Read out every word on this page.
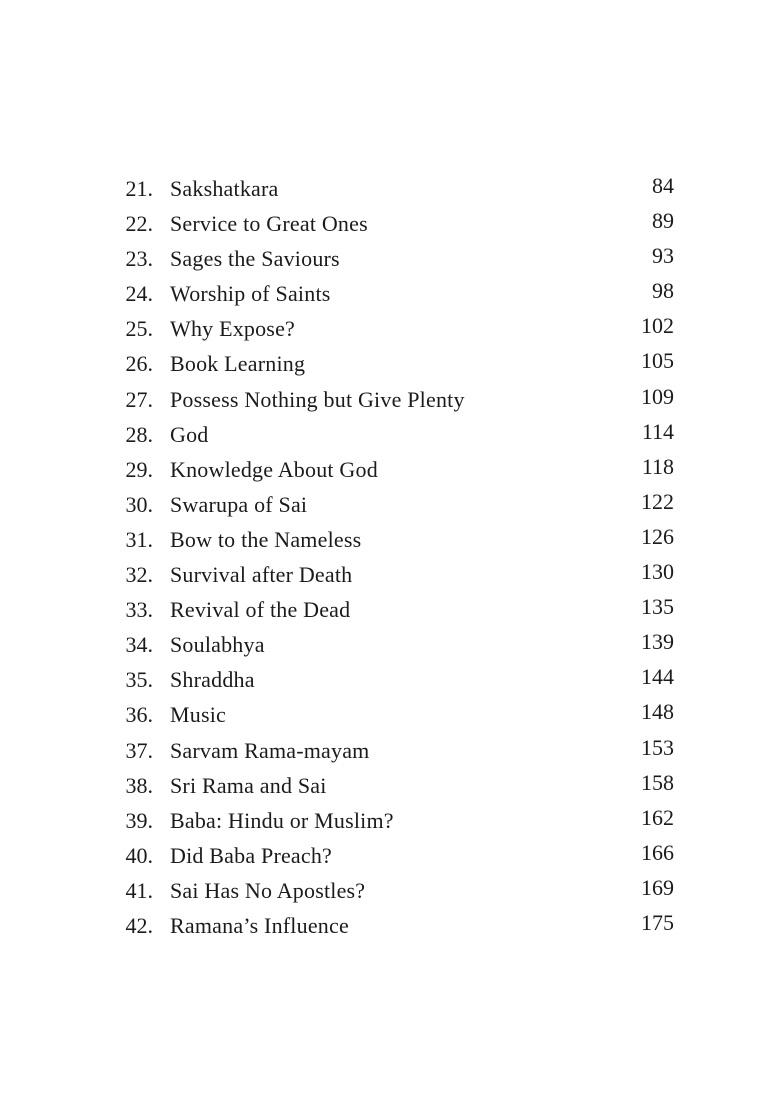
21. Sakshatkara	84
22. Service to Great Ones	89
23. Sages the Saviours	93
24. Worship of Saints	98
25. Why Expose?	102
26. Book Learning	105
27. Possess Nothing but Give Plenty	109
28. God	114
29. Knowledge About God	118
30. Swarupa of Sai	122
31. Bow to the Nameless	126
32. Survival after Death	130
33. Revival of the Dead	135
34. Soulabhya	139
35. Shraddha	144
36. Music	148
37. Sarvam Rama-mayam	153
38. Sri Rama and Sai	158
39. Baba: Hindu or Muslim?	162
40. Did Baba Preach?	166
41. Sai Has No Apostles?	169
42. Ramana’s Influence	175
